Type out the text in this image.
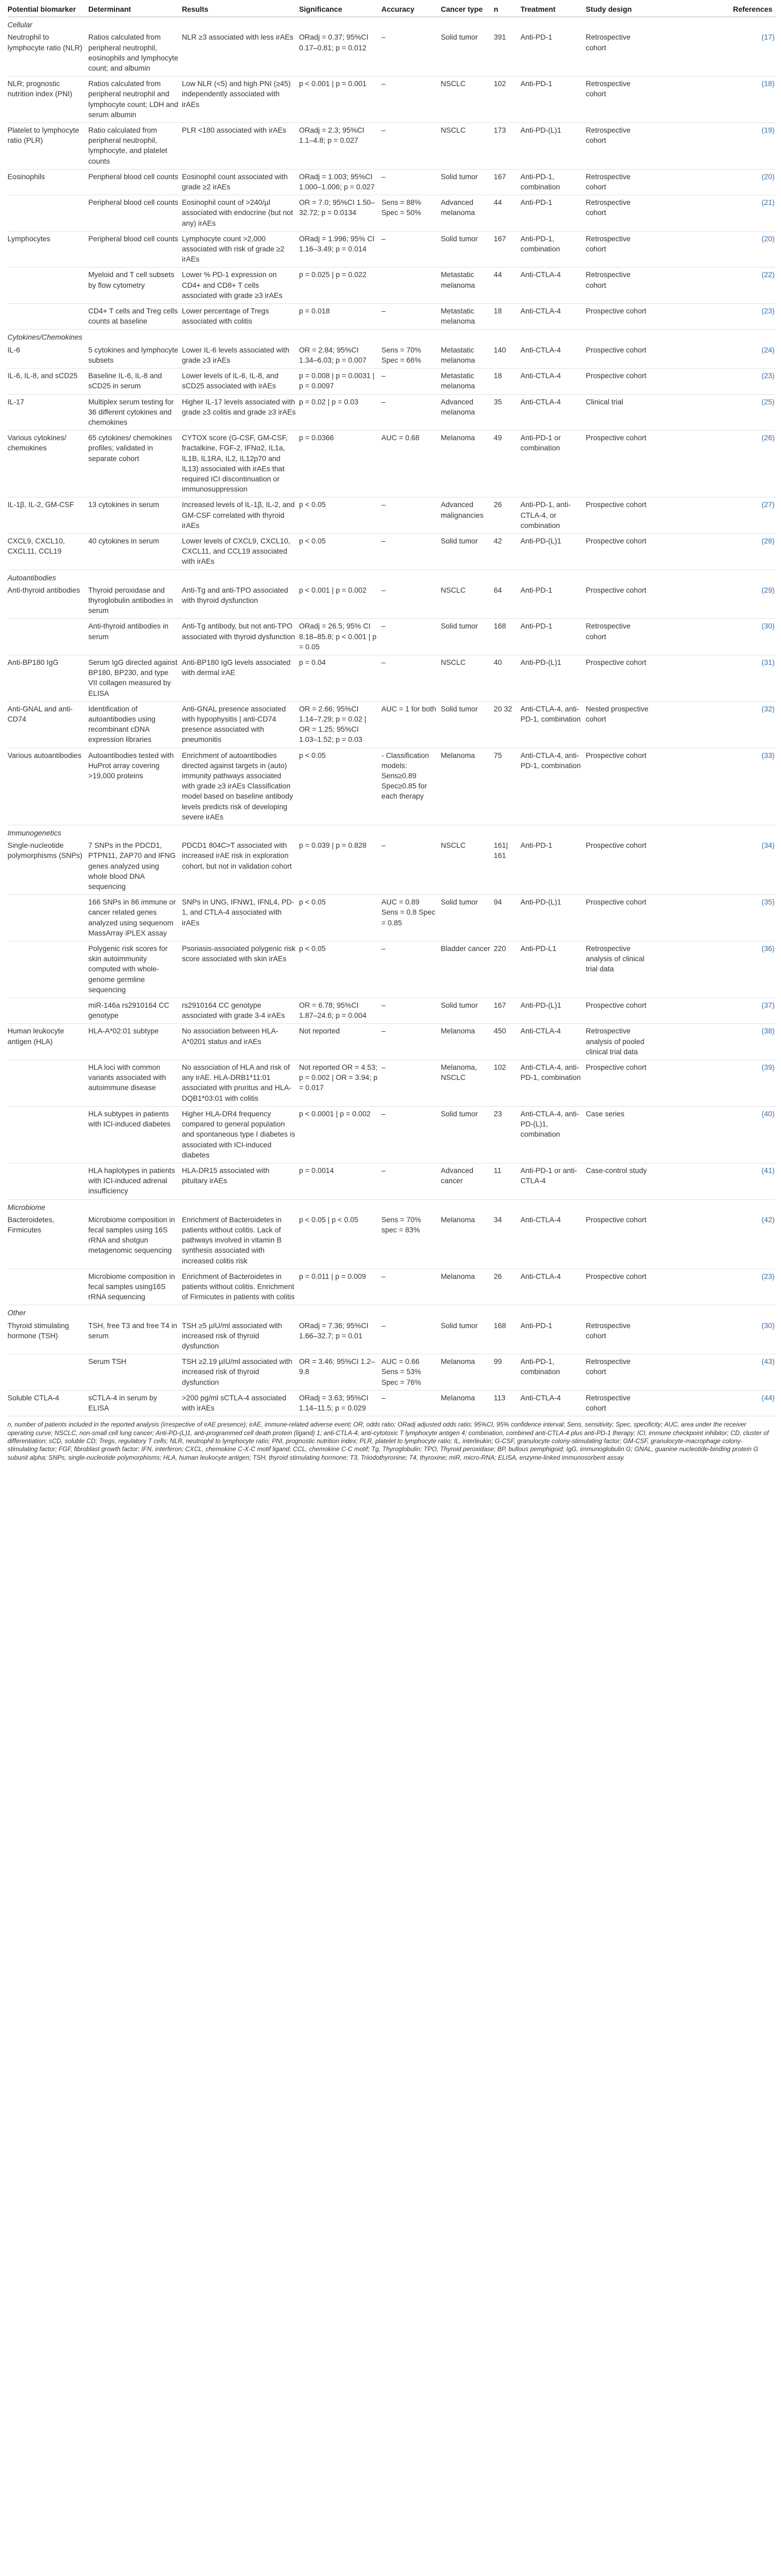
Potential biomarker	Determinant	Results	Significance	Accuracy	Cancer type	n	Treatment	Study design	References
Cellular									
Neutrophil to lymphocyte ratio (NLR)	Ratios calculated from peripheral neutrophil, eosinophils and lymphocyte count; and albumin	NLR ≥3 associated with less irAEs	ORadj = 0.37; 95%CI 0.17–0.81; p = 0.012	–	Solid tumor	391	Anti-PD-1	Retrospective cohort	(17)
NLR; prognostic nutrition index (PNI)	Ratios calculated from peripheral neutrophil and lymphocyte count; LDH and serum albumin	Low NLR (<5) and high PNI (≥45) independently associated with irAEs	p < 0.001 | p = 0.001	–	NSCLC	102	Anti-PD-1	Retrospective cohort	(18)
Platelet to lymphocyte ratio (PLR)	Ratio calculated from peripheral neutrophil, lymphocyte, and platelet counts	PLR <180 associated with irAEs	ORadj = 2.3; 95%CI 1.1–4.8; p = 0.027	–	NSCLC	173	Anti-PD-(L)1	Retrospective cohort	(19)
Eosinophils	Peripheral blood cell counts	Eosinophil count associated with grade ≥2 irAEs	ORadj = 1.003; 95%CI 1.000–1.006; p = 0.027	–	Solid tumor	167	Anti-PD-1, combination	Retrospective cohort	(20)
	Peripheral blood cell counts	Eosinophil count of >240/µl associated with endocrine (but not any) irAEs	OR = 7.0; 95%CI 1.50–32.72; p = 0.0134	Sens = 88% Spec = 50%	Advanced melanoma	44	Anti-PD-1	Retrospective cohort	(21)
Lymphocytes	Peripheral blood cell counts	Lymphocyte count >2,000 associated with risk of grade ≥2 irAEs	ORadj = 1.996; 95% CI 1.16–3.49; p = 0.014	–	Solid tumor	167	Anti-PD-1, combination	Retrospective cohort	(20)
	Myeloid and T cell subsets by flow cytometry	Lower % PD-1 expression on CD4+ and CD8+ T cells associated with grade ≥3 irAEs	p = 0.025 | p = 0.022		Metastatic melanoma	44	Anti-CTLA-4	Retrospective cohort	(22)
	CD4+ T cells and Treg cells counts at baseline	Lower percentage of Tregs associated with colitis	p = 0.018	–	Metastatic melanoma	18	Anti-CTLA-4	Prospective cohort	(23)
Cytokines/Chemokines									
IL-6	5 cytokines and lymphocyte subsets	Lower IL-6 levels associated with grade ≥3 irAEs	OR = 2.84; 95%CI 1.34–6.03; p = 0.007	Sens = 70% Spec = 66%	Metastatic melanoma	140	Anti-CTLA-4	Prospective cohort	(24)
IL-6, IL-8, and sCD25	Baseline IL-6, IL-8 and sCD25 in serum	Lower levels of IL-6, IL-8, and sCD25 associated with irAEs	p = 0.008 | p = 0.0031 | p = 0.0097	–	Metastatic melanoma	18	Anti-CTLA-4	Prospective cohort	(23)
IL-17	Multiplex serum testing for 36 different cytokines and chemokines	Higher IL-17 levels associated with grade ≥3 colitis and grade ≥3 irAEs	p = 0.02 | p = 0.03	–	Advanced melanoma	35	Anti-CTLA-4	Clinical trial	(25)
Various cytokines/ chemokines	65 cytokines/ chemokines profiles; validated in separate cohort	CYTOX score (G-CSF, GM-CSF, fractalkine, FGF-2, IFNα2, IL1a, IL1B, IL1RA, IL2, IL12p70 and IL13) associated with irAEs that required ICI discontinuation or immunosuppression	p = 0.0366	AUC = 0.68	Melanoma	49	Anti-PD-1 or combination	Prospective cohort	(26)
IL-1β, IL-2, GM-CSF	13 cytokines in serum	Increased levels of IL-1β, IL-2, and GM-CSF correlated with thyroid irAEs	p < 0.05	–	Advanced malignancies	26	Anti-PD-1, anti-CTLA-4, or combination	Prospective cohort	(27)
CXCL9, CXCL10, CXCL11, CCL19	40 cytokines in serum	Lower levels of CXCL9, CXCL10, CXCL11, and CCL19 associated with irAEs	p < 0.05	–	Solid tumor	42	Anti-PD-(L)1	Prospective cohort	(28)
Autoantibodies									
Anti-thyroid antibodies	Thyroid peroxidase and thyroglobulin antibodies in serum	Anti-Tg and anti-TPO associated with thyroid dysfunction	p < 0.001 | p = 0.002	–	NSCLC	64	Anti-PD-1	Prospective cohort	(29)
	Anti-thyroid antibodies in serum	Anti-Tg antibody, but not anti-TPO associated with thyroid dysfunction	ORadj = 26.5; 95% CI 8.18–85.8; p < 0.001 | p = 0.05	–	Solid tumor	168	Anti-PD-1	Retrospective cohort	(30)
Anti-BP180 IgG	Serum IgG directed against BP180, BP230, and type VII collagen measured by ELISA	Anti-BP180 IgG levels associated with dermal irAE	p = 0.04	–	NSCLC	40	Anti-PD-(L)1	Prospective cohort	(31)
Anti-GNAL and anti-CD74	Identification of autoantibodies using recombinant cDNA expression libraries	Anti-GNAL presence associated with hypophysitis | anti-CD74 presence associated with pneumonitis	OR = 2.66; 95%CI 1.14–7.29; p = 0.02 | OR = 1.25; 95%CI 1.03–1.52; p = 0.03	AUC = 1 for both	Solid tumor	20 32	Anti-CTLA-4, anti-PD-1, combination	Nested prospective cohort	(32)
Various autoantibodies	Autoantibodies tested with HuProt array covering >19,000 proteins	Enrichment of autoantibodies directed against targets in (auto) immunity pathways associated with grade ≥3 irAEs Classification model based on baseline antibody levels predicts risk of developing severe irAEs	p < 0.05	- Classification models: Sens≥0.89 Spec≥0.85 for each therapy	Melanoma	75	Anti-CTLA-4, anti-PD-1, combination	Prospective cohort	(33)
Immunogenetics									
Single-nucleotide polymorphisms (SNPs)	7 SNPs in the PDCD1, PTPN11, ZAP70 and IFNG genes analyzed using whole blood DNA sequencing	PDCD1 804C>T associated with increased irAE risk in exploration cohort, but not in validation cohort	p = 0.039 | p = 0.828	–	NSCLC	161| 161	Anti-PD-1	Prospective cohort	(34)
	166 SNPs in 86 immune or cancer related genes analyzed using sequenom MassArray iPLEX assay	SNPs in UNG, IFNW1, IFNL4, PD-1, and CTLA-4 associated with irAEs	p < 0.05	AUC = 0.89 Sens = 0.8 Spec = 0.85	Solid tumor	94	Anti-PD-(L)1	Prospective cohort	(35)
	Polygenic risk scores for skin autoimmunity computed with whole-genome germline sequencing	Psoriasis-associated polygenic risk score associated with skin irAEs	p < 0.05	–	Bladder cancer	220	Anti-PD-L1	Retrospective analysis of clinical trial data	(36)
	miR-146a rs2910164 CC genotype	rs2910164 CC genotype associated with grade 3-4 irAEs	OR = 6.78; 95%CI 1.87–24.6; p = 0.004	–	Solid tumor	167	Anti-PD-(L)1	Prospective cohort	(37)
Human leukocyte antigen (HLA)	HLA-A*02:01 subtype	No association between HLA-A*0201 status and irAEs	Not reported	–	Melanoma	450	Anti-CTLA-4	Retrospective analysis of pooled clinical trial data	(38)
	HLA loci with common variants associated with autoimmune disease	No association of HLA and risk of any irAE. HLA-DRB1*11:01 associated with pruritus and HLA-DQB1*03:01 with colitis	Not reported OR = 4.53; p = 0.002 | OR = 3.94; p = 0.017	–	Melanoma, NSCLC	102	Anti-CTLA-4, anti-PD-1, combination	Prospective cohort	(39)
	HLA subtypes in patients with ICI-induced diabetes	Higher HLA-DR4 frequency compared to general population and spontaneous type I diabetes is associated with ICI-induced diabetes	p < 0.0001 | p = 0.002	–	Solid tumor	23	Anti-CTLA-4, anti-PD-(L)1, combination	Case series	(40)
	HLA haplotypes in patients with ICI-induced adrenal insufficiency	HLA-DR15 associated with pituitary irAEs	p = 0.0014	–	Advanced cancer	11	Anti-PD-1 or anti-CTLA-4	Case-control study	(41)
Microbiome									
Bacteroidetes, Firmicutes	Microbiome composition in fecal samples using 16S rRNA and shotgun metagenomic sequencing	Enrichment of Bacteroidetes in patients without colitis. Lack of pathways involved in vitamin B synthesis associated with increased colitis risk	p < 0.05 | p < 0.05	Sens = 70% spec = 83%	Melanoma	34	Anti-CTLA-4	Prospective cohort	(42)
	Microbiome composition in fecal samples using16S rRNA sequencing	Enrichment of Bacteroidetes in patients without colitis. Enrichment of Firmicutes in patients with colitis	p = 0.011 | p = 0.009	–	Melanoma	26	Anti-CTLA-4	Prospective cohort	(23)
Other									
Thyroid stimulating hormone (TSH)	TSH, free T3 and free T4 in serum	TSH ≥5 µIU/ml associated with increased risk of thyroid dysfunction	ORadj = 7.36; 95%CI 1.66–32.7; p = 0.01	–	Solid tumor	168	Anti-PD-1	Retrospective cohort	(30)
	Serum TSH	TSH ≥2.19 µIU/ml associated with increased risk of thyroid dysfunction	OR = 3.46; 95%CI 1.2–9.8	AUC = 0.66 Sens = 53% Spec = 76%	Melanoma	99	Anti-PD-1, combination	Retrospective cohort	(43)
Soluble CTLA-4	sCTLA-4 in serum by ELISA	>200 pg/ml sCTLA-4 associated with irAEs	ORadj = 3.63; 95%CI 1.14–11.5; p = 0.029	–	Melanoma	113	Anti-CTLA-4	Retrospective cohort	(44)
n, number of patients included in the reported analysis (irrespective of irAE presence); irAE, immune-related adverse event; OR, odds ratio; ORadj adjusted odds ratio; 95%CI, 95% confidence interval; Sens, sensitivity; Spec, specificity; AUC, area under the receiver operating curve; NSCLC, non-small cell lung cancer; Anti-PD-(L)1, anti-programmed cell death protein (ligand) 1; anti-CTLA-4, anti-cytotoxic T lymphocyte antigen 4; combination, combined anti-CTLA-4 plus anti-PD-1 therapy; ICI, immune checkpoint inhibitor; CD, cluster of differentiation; sCD, soluble CD; Tregs, regulatory T cells; NLR, neutrophil to lymphocyte ratio; PNI, prognostic nutrition index; PLR, platelet to lymphocyte ratio; IL, interleukin; G-CSF, granulocyte colony-stimulating factor; GM-CSF, granulocyte-macrophage colony-stimulating factor; FGF, fibroblast growth factor; IFN, interferon; CXCL, chemokine C-X-C motif ligand; CCL, chemokine C-C motif; Tg, Thyroglobulin; TPO, Thyroid peroxidase; BP, bullous pemphigoid; IgG, immunoglobulin G; GNAL, guanine nucleotide-binding protein G subunit alpha; SNPs, single-nucleotide polymorphisms; HLA, human leukocyte antigen; TSH, thyroid stimulating hormone; T3, Triiodothyronine; T4, thyroxine; miR, micro-RNA; ELISA, enzyme-linked immunosorbent assay.
